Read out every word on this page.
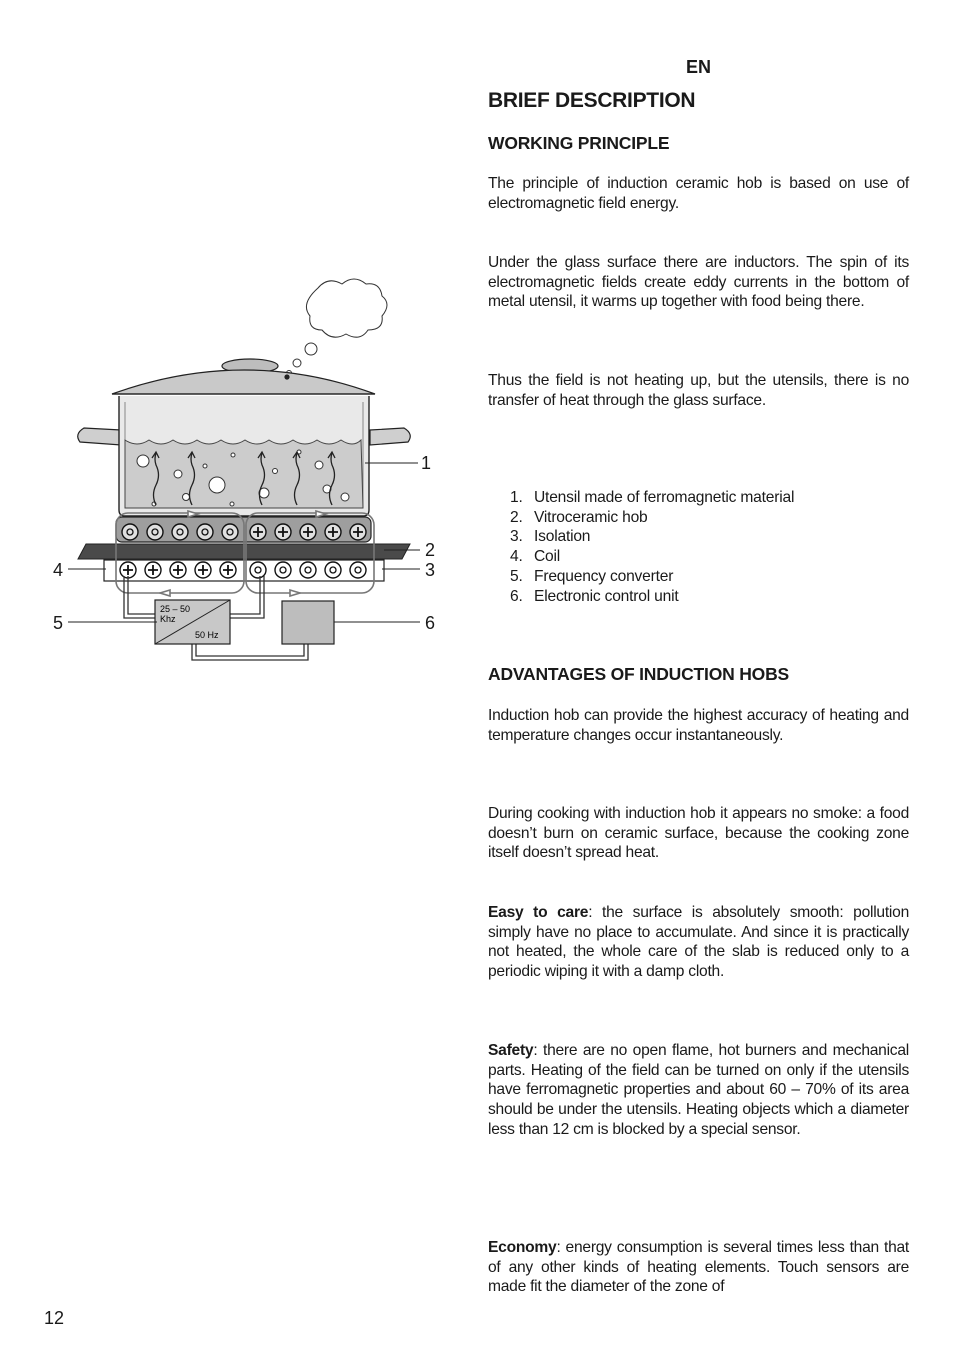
EN
BRIEF DESCRIPTION
WORKING PRINCIPLE

The principle of induction ceramic hob is based on use of electromagnetic field energy.

Under the glass surface there are inductors. The spin of its electromagnetic fields create eddy currents in the bottom of metal utensil, it warms up together with food being there.

Thus the field is not heating up, but the utensils, there is no transfer of heat through the glass surface.

1. Utensil made of ferromagnetic material
2. Vitroceramic hob
3. Isolation
4. Coil
5. Frequency converter
6. Electronic control unit
ADVANTAGES OF INDUCTION HOBS

Induction hob can provide the highest accuracy of heating and temperature changes occur instantaneously.

During cooking with induction hob it appears no smoke: a food doesn’t burn on ceramic surface, because the cooking zone itself doesn’t spread heat.

Easy to care: the surface is absolutely smooth: pollution simply have no place to accumulate. And since it is practically not heated, the whole care of the slab is reduced only to a periodic wiping it with a damp cloth.

Safety: there are no open flame, hot burners and mechanical parts. Heating of the field can be turned on only if the utensils have ferromagnetic properties and about 60 – 70% of its area should be under the utensils. Heating objects which a diameter less than 12 cm is blocked by a special sensor.

Economy: energy consumption is several times less than that of any other kinds of heating elements. Touch sensors are made fit the diameter of the zone of

12
25 – 50
Khz
50 Hz
1
2
3
4
5	6
